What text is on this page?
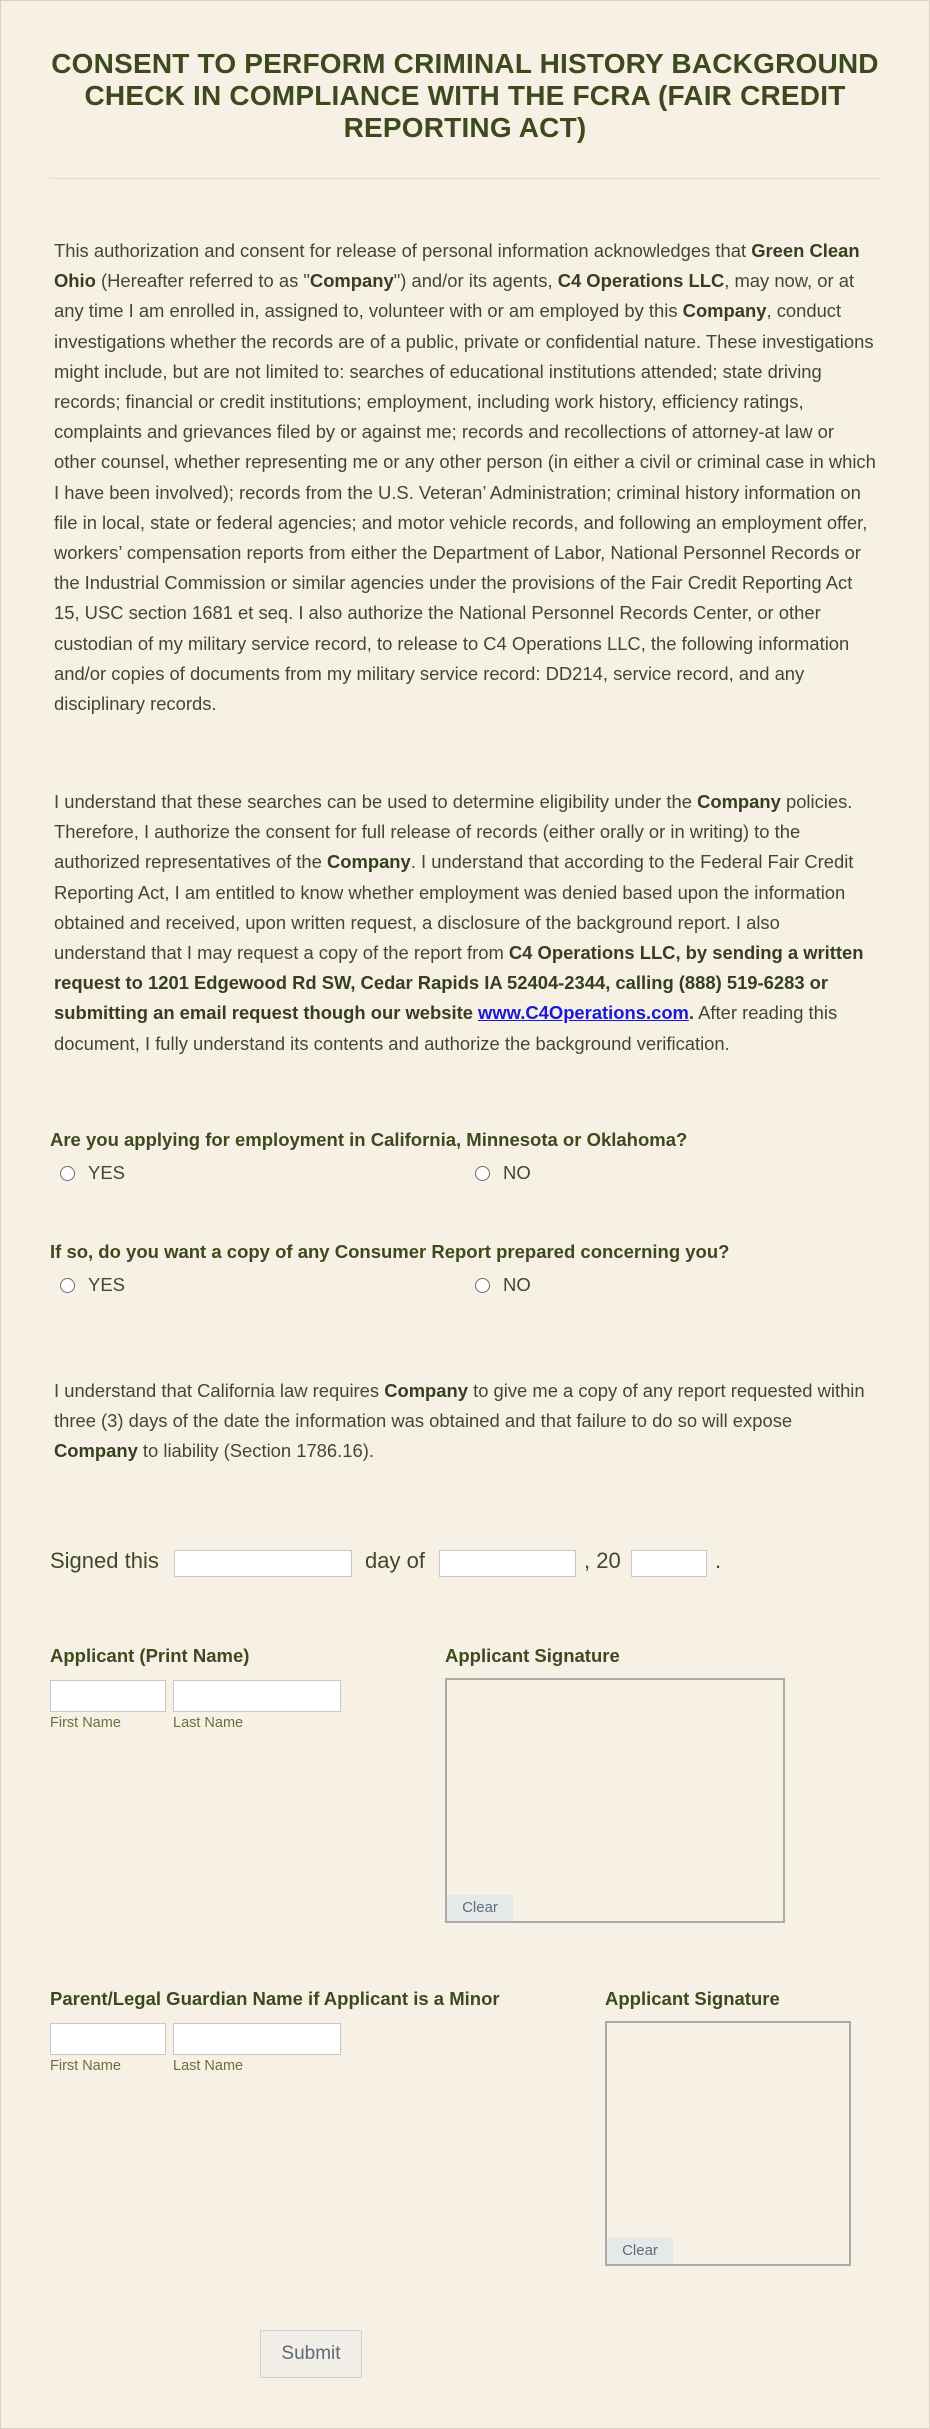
CONSENT TO PERFORM CRIMINAL HISTORY BACKGROUND CHECK IN COMPLIANCE WITH THE FCRA (FAIR CREDIT REPORTING ACT)

This authorization and consent for release of personal information acknowledges that Green Clean Ohio (Hereafter referred to as "Company") and/or its agents, C4 Operations LLC, may now, or at any time I am enrolled in, assigned to, volunteer with or am employed by this Company, conduct investigations whether the records are of a public, private or confidential nature. These investigations might include, but are not limited to: searches of educational institutions attended; state driving records; financial or credit institutions; employment, including work history, efficiency ratings, complaints and grievances filed by or against me; records and recollections of attorney-at law or other counsel, whether representing me or any other person (in either a civil or criminal case in which I have been involved); records from the U.S. Veteran’ Administration; criminal history information on file in local, state or federal agencies; and motor vehicle records, and following an employment offer, workers’ compensation reports from either the Department of Labor, National Personnel Records or the Industrial Commission or similar agencies under the provisions of the Fair Credit Reporting Act 15, USC section 1681 et seq. I also authorize the National Personnel Records Center, or other custodian of my military service record, to release to C4 Operations LLC, the following information and/or copies of documents from my military service record: DD214, service record, and any disciplinary records.

I understand that these searches can be used to determine eligibility under the Company policies. Therefore, I authorize the consent for full release of records (either orally or in writing) to the authorized representatives of the Company. I understand that according to the Federal Fair Credit Reporting Act, I am entitled to know whether employment was denied based upon the information obtained and received, upon written request, a disclosure of the background report. I also understand that I may request a copy of the report from C4 Operations LLC, by sending a written request to 1201 Edgewood Rd SW, Cedar Rapids IA 52404-2344, calling (888) 519-6283 or submitting an email request though our website www.C4Operations.com. After reading this document, I fully understand its contents and authorize the background verification.

Are you applying for employment in California, Minnesota or Oklahoma?

YES	NO

If so, do you want a copy of any Consumer Report prepared concerning you?

YES	NO

I understand that California law requires Company to give me a copy of any report requested within three (3) days of the date the information was obtained and that failure to do so will expose Company to liability (Section 1786.16).

Signed this	day of	, 20	.

Applicant (Print Name)

First Name	Last Name

Applicant Signature

Clear

Parent/Legal Guardian Name if Applicant is a Minor

First Name	Last Name

Applicant Signature

Clear
Submit
